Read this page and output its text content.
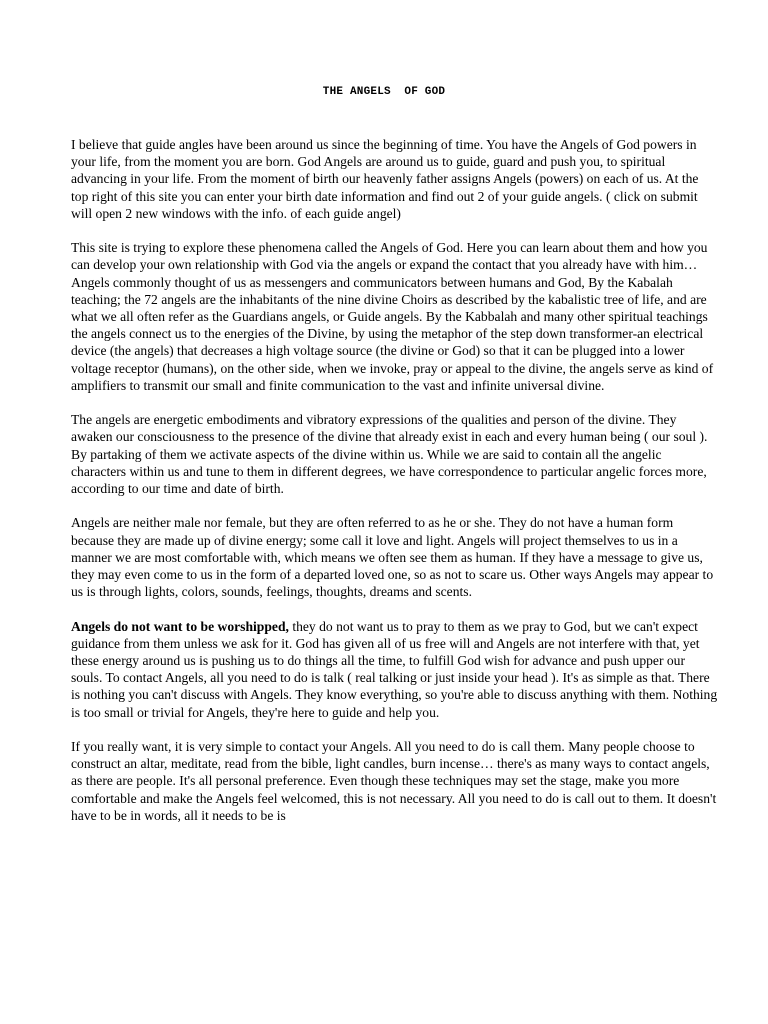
THE ANGELS  OF GOD

I believe that guide angles have been around us since the beginning of time. You have the Angels of God powers in your life, from the moment you are born. God Angels are around us to guide, guard and push you, to spiritual advancing in your life. From the moment of birth our heavenly father assigns Angels (powers) on each of us. At the top right of this site you can enter your birth date information and find out 2 of your guide angels. ( click on submit will open 2 new windows with the info. of each guide angel)

This site is trying to explore these phenomena called the Angels of God. Here you can learn about them and how you can develop your own relationship with God via the angels or expand the contact that you already have with him… Angels commonly thought of us as messengers and communicators between humans and God, By the Kabalah teaching; the 72 angels are the inhabitants of the nine divine Choirs as described by the kabalistic tree of life, and are what we all often refer as the Guardians angels, or Guide angels. By the Kabbalah and many other spiritual teachings the angels connect us to the energies of the Divine, by using the metaphor of the step down transformer-an electrical device (the angels) that decreases a high voltage source (the divine or God) so that it can be plugged into a lower voltage receptor (humans), on the other side, when we invoke, pray or appeal to the divine, the angels serve as kind of amplifiers to transmit our small and finite communication to the vast and infinite universal divine.

The angels are energetic embodiments and vibratory expressions of the qualities and person of the divine. They awaken our consciousness to the presence of the divine that already exist in each and every human being ( our soul ). By partaking of them we activate aspects of the divine within us. While we are said to contain all the angelic characters within us and tune to them in different degrees, we have correspondence to particular angelic forces more, according to our time and date of birth.

Angels are neither male nor female, but they are often referred to as he or she. They do not have a human form because they are made up of divine energy; some call it love and light. Angels will project themselves to us in a manner we are most comfortable with, which means we often see them as human. If they have a message to give us, they may even come to us in the form of a departed loved one, so as not to scare us. Other ways Angels may appear to us is through lights, colors, sounds, feelings, thoughts, dreams and scents.

Angels do not want to be worshipped, they do not want us to pray to them as we pray to God, but we can't expect guidance from them unless we ask for it. God has given all of us free will and Angels are not interfere with that, yet these energy around us is pushing us to do things all the time, to fulfill God wish for advance and push upper our souls. To contact Angels, all you need to do is talk ( real talking or just inside your head ). It's as simple as that. There is nothing you can't discuss with Angels. They know everything, so you're able to discuss anything with them. Nothing is too small or trivial for Angels, they're here to guide and help you.

If you really want, it is very simple to contact your Angels. All you need to do is call them. Many people choose to construct an altar, meditate, read from the bible, light candles, burn incense… there's as many ways to contact angels, as there are people. It's all personal preference. Even though these techniques may set the stage, make you more comfortable and make the Angels feel welcomed, this is not necessary. All you need to do is call out to them. It doesn't have to be in words, all it needs to be is
